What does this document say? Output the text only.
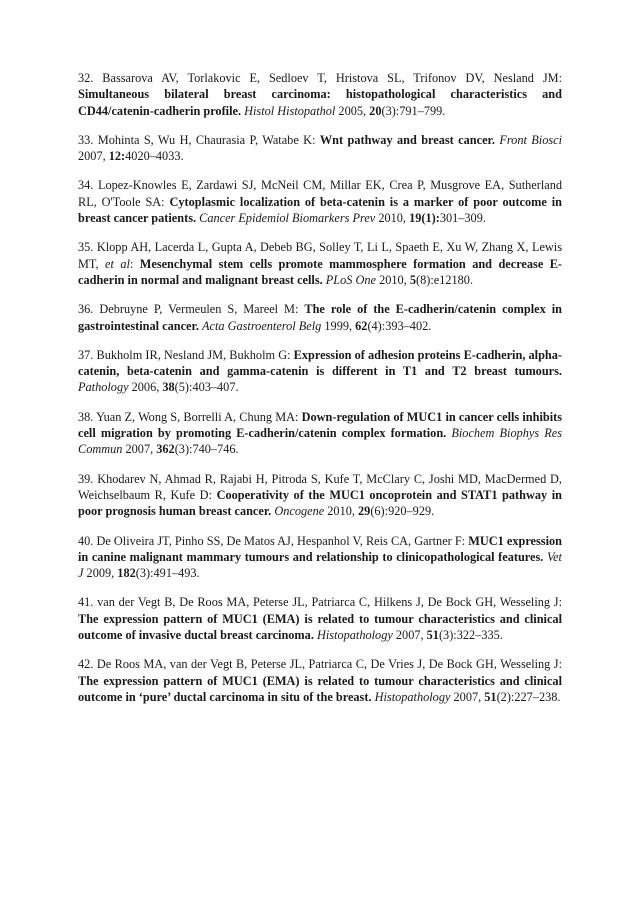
32. Bassarova AV, Torlakovic E, Sedloev T, Hristova SL, Trifonov DV, Nesland JM: Simultaneous bilateral breast carcinoma: histopathological characteristics and CD44/catenin-cadherin profile. Histol Histopathol 2005, 20(3):791–799.

33. Mohinta S, Wu H, Chaurasia P, Watabe K: Wnt pathway and breast cancer. Front Biosci 2007, 12:4020–4033.

34. Lopez-Knowles E, Zardawi SJ, McNeil CM, Millar EK, Crea P, Musgrove EA, Sutherland RL, O'Toole SA: Cytoplasmic localization of beta-catenin is a marker of poor outcome in breast cancer patients. Cancer Epidemiol Biomarkers Prev 2010, 19(1):301–309.

35. Klopp AH, Lacerda L, Gupta A, Debeb BG, Solley T, Li L, Spaeth E, Xu W, Zhang X, Lewis MT, et al: Mesenchymal stem cells promote mammosphere formation and decrease E-cadherin in normal and malignant breast cells. PLoS One 2010, 5(8):e12180.

36. Debruyne P, Vermeulen S, Mareel M: The role of the E-cadherin/catenin complex in gastrointestinal cancer. Acta Gastroenterol Belg 1999, 62(4):393–402.

37. Bukholm IR, Nesland JM, Bukholm G: Expression of adhesion proteins E-cadherin, alpha-catenin, beta-catenin and gamma-catenin is different in T1 and T2 breast tumours. Pathology 2006, 38(5):403–407.

38. Yuan Z, Wong S, Borrelli A, Chung MA: Down-regulation of MUC1 in cancer cells inhibits cell migration by promoting E-cadherin/catenin complex formation. Biochem Biophys Res Commun 2007, 362(3):740–746.

39. Khodarev N, Ahmad R, Rajabi H, Pitroda S, Kufe T, McClary C, Joshi MD, MacDermed D, Weichselbaum R, Kufe D: Cooperativity of the MUC1 oncoprotein and STAT1 pathway in poor prognosis human breast cancer. Oncogene 2010, 29(6):920–929.

40. De Oliveira JT, Pinho SS, De Matos AJ, Hespanhol V, Reis CA, Gartner F: MUC1 expression in canine malignant mammary tumours and relationship to clinicopathological features. Vet J 2009, 182(3):491–493.

41. van der Vegt B, De Roos MA, Peterse JL, Patriarca C, Hilkens J, De Bock GH, Wesseling J: The expression pattern of MUC1 (EMA) is related to tumour characteristics and clinical outcome of invasive ductal breast carcinoma. Histopathology 2007, 51(3):322–335.

42. De Roos MA, van der Vegt B, Peterse JL, Patriarca C, De Vries J, De Bock GH, Wesseling J: The expression pattern of MUC1 (EMA) is related to tumour characteristics and clinical outcome in ‘pure’ ductal carcinoma in situ of the breast. Histopathology 2007, 51(2):227–238.
